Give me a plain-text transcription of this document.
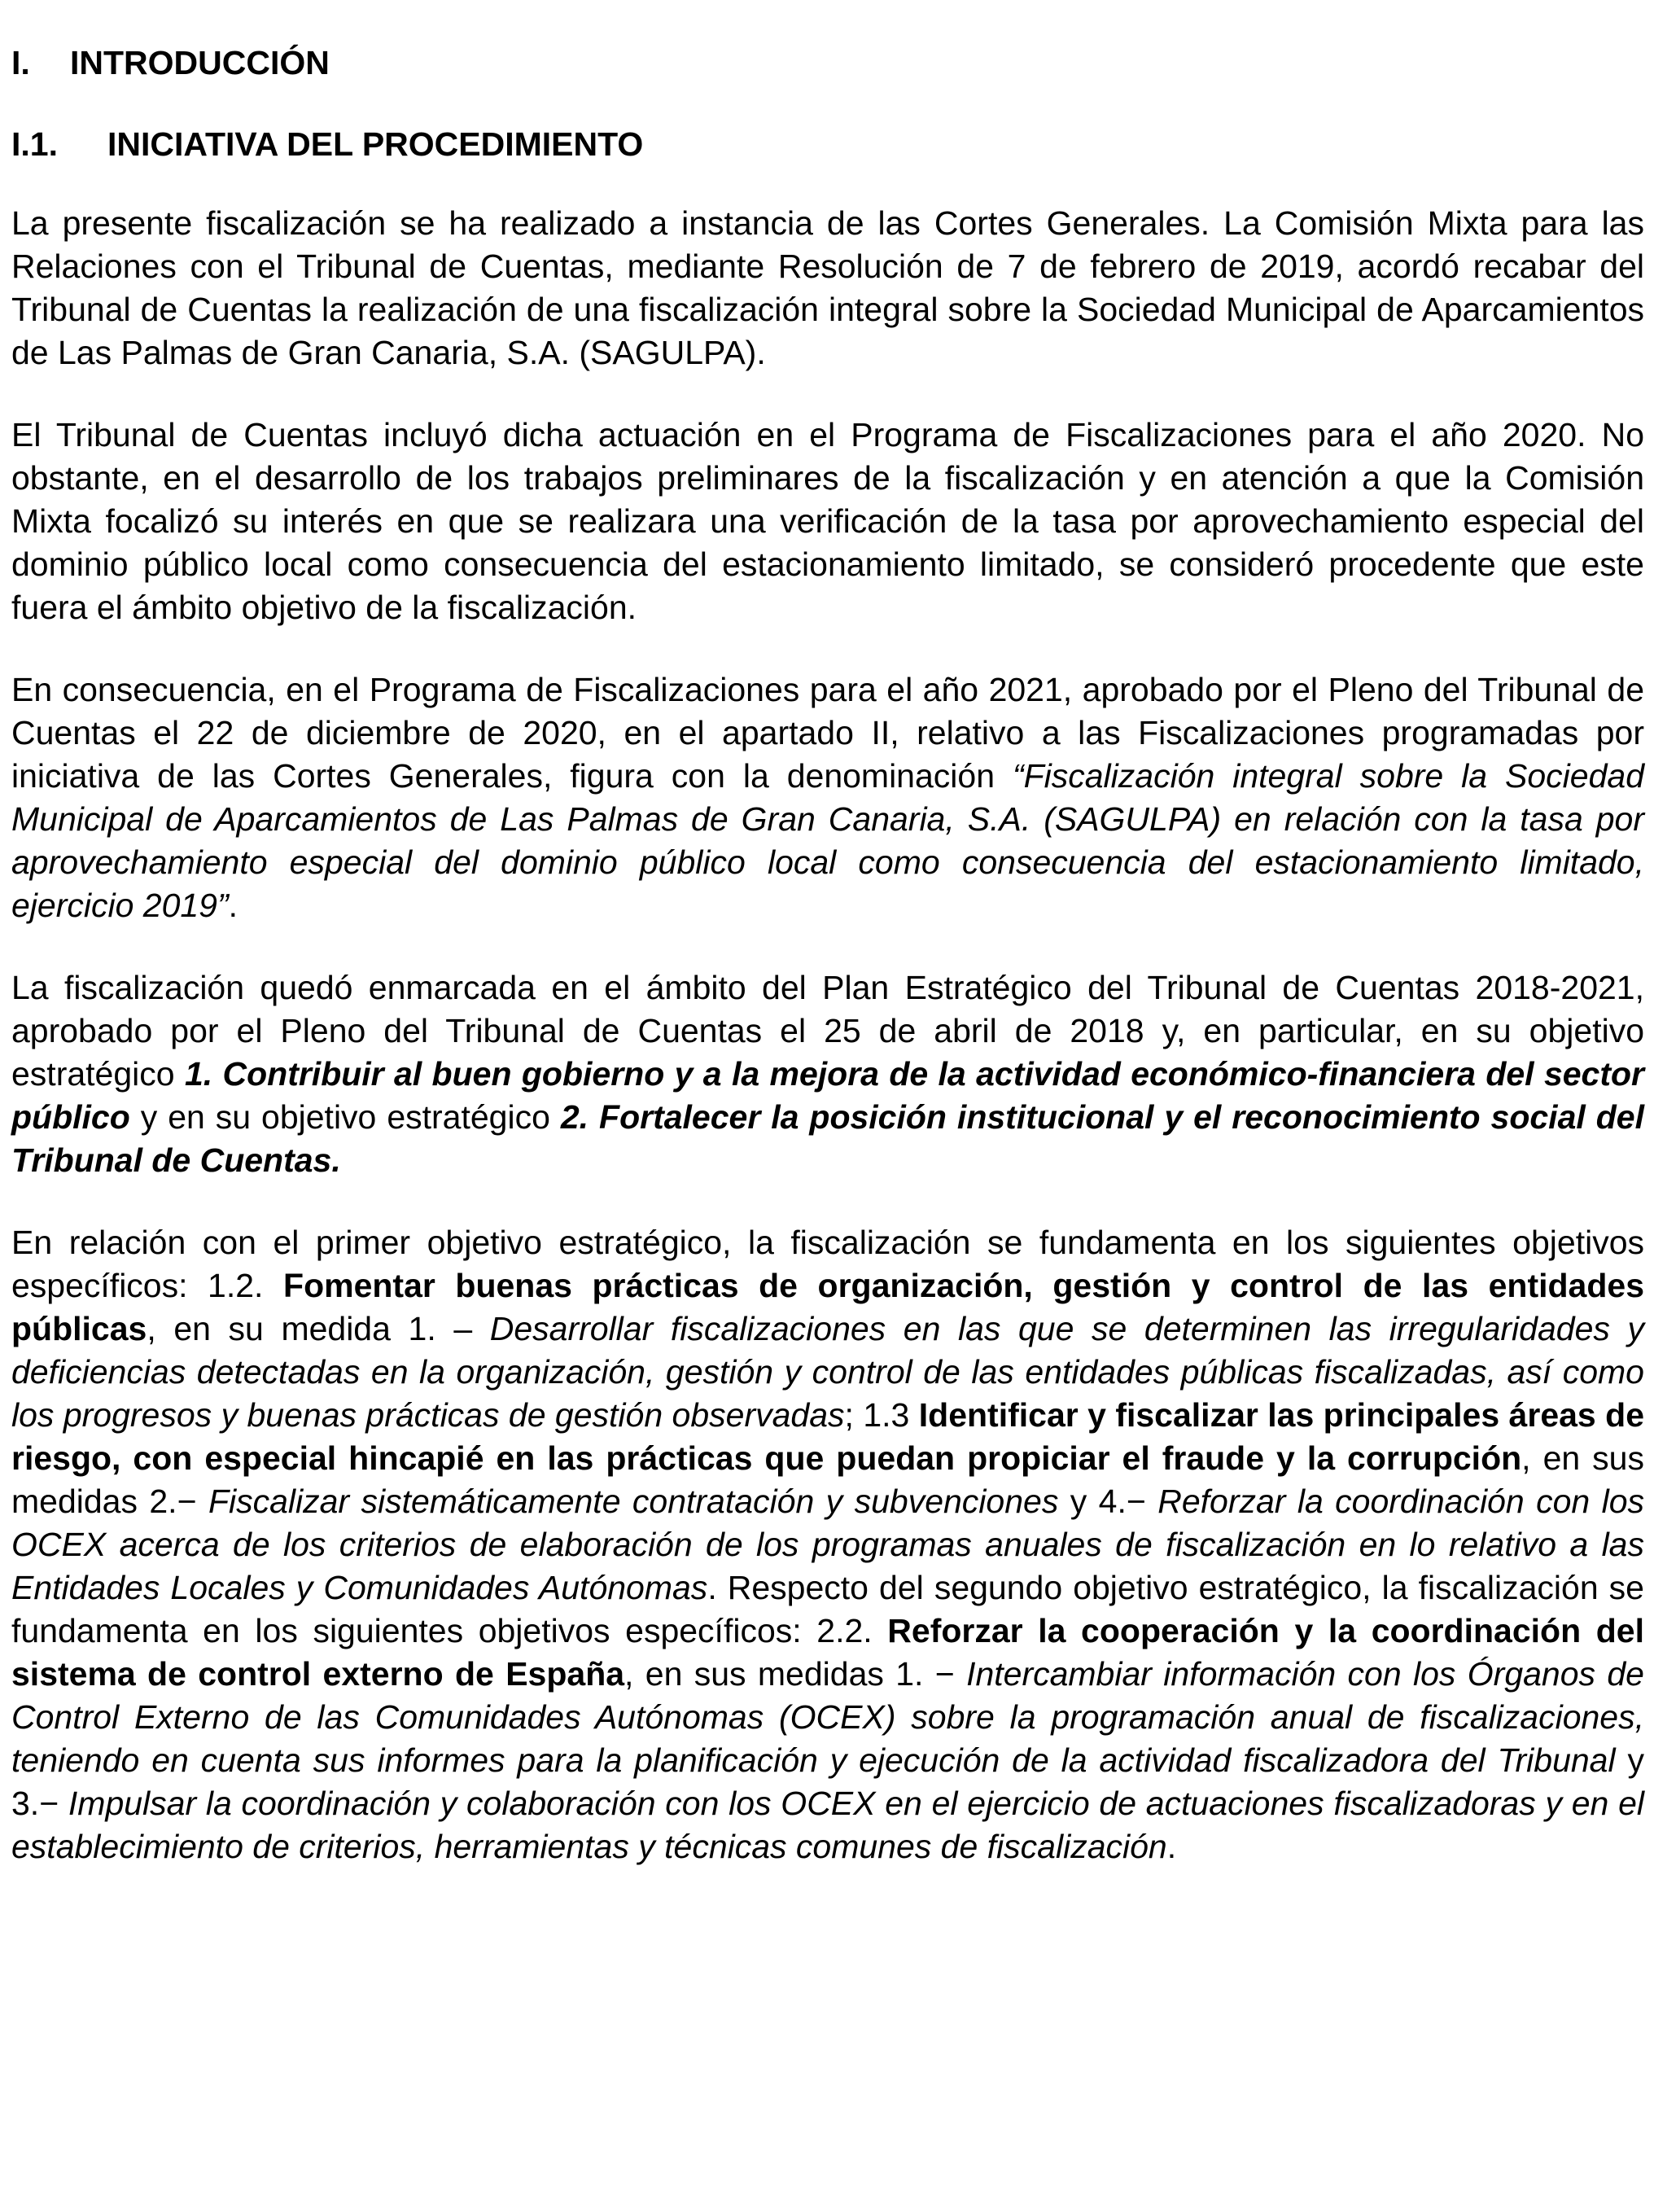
I.	INTRODUCCIÓN
I.1.	INICIATIVA DEL PROCEDIMIENTO

La presente fiscalización se ha realizado a instancia de las Cortes Generales. La Comisión Mixta para las Relaciones con el Tribunal de Cuentas, mediante Resolución de 7 de febrero de 2019, acordó recabar del Tribunal de Cuentas la realización de una fiscalización integral sobre la Sociedad Municipal de Aparcamientos de Las Palmas de Gran Canaria, S.A. (SAGULPA).

El Tribunal de Cuentas incluyó dicha actuación en el Programa de Fiscalizaciones para el año 2020. No obstante, en el desarrollo de los trabajos preliminares de la fiscalización y en atención a que la Comisión Mixta focalizó su interés en que se realizara una verificación de la tasa por aprovechamiento especial del dominio público local como consecuencia del estacionamiento limitado, se consideró procedente que este fuera el ámbito objetivo de la fiscalización.

En consecuencia, en el Programa de Fiscalizaciones para el año 2021, aprobado por el Pleno del Tribunal de Cuentas el 22 de diciembre de 2020, en el apartado II, relativo a las Fiscalizaciones programadas por iniciativa de las Cortes Generales, figura con la denominación “Fiscalización integral sobre la Sociedad Municipal de Aparcamientos de Las Palmas de Gran Canaria, S.A. (SAGULPA) en relación con la tasa por aprovechamiento especial del dominio público local como consecuencia del estacionamiento limitado, ejercicio 2019”.

La fiscalización quedó enmarcada en el ámbito del Plan Estratégico del Tribunal de Cuentas 2018-2021, aprobado por el Pleno del Tribunal de Cuentas el 25 de abril de 2018 y, en particular, en su objetivo estratégico 1. Contribuir al buen gobierno y a la mejora de la actividad económico-financiera del sector público y en su objetivo estratégico 2. Fortalecer la posición institucional y el reconocimiento social del Tribunal de Cuentas.

En relación con el primer objetivo estratégico, la fiscalización se fundamenta en los siguientes objetivos específicos: 1.2. Fomentar buenas prácticas de organización, gestión y control de las entidades públicas, en su medida 1. – Desarrollar fiscalizaciones en las que se determinen las irregularidades y deficiencias detectadas en la organización, gestión y control de las entidades públicas fiscalizadas, así como los progresos y buenas prácticas de gestión observadas; 1.3 Identificar y fiscalizar las principales áreas de riesgo, con especial hincapié en las prácticas que puedan propiciar el fraude y la corrupción, en sus medidas 2.− Fiscalizar sistemáticamente contratación y subvenciones y 4.− Reforzar la coordinación con los OCEX acerca de los criterios de elaboración de los programas anuales de fiscalización en lo relativo a las Entidades Locales y Comunidades Autónomas. Respecto del segundo objetivo estratégico, la fiscalización se fundamenta en los siguientes objetivos específicos: 2.2. Reforzar la cooperación y la coordinación del sistema de control externo de España, en sus medidas 1. − Intercambiar información con los Órganos de Control Externo de las Comunidades Autónomas (OCEX) sobre la programación anual de fiscalizaciones, teniendo en cuenta sus informes para la planificación y ejecución de la actividad fiscalizadora del Tribunal y 3.− Impulsar la coordinación y colaboración con los OCEX en el ejercicio de actuaciones fiscalizadoras y en el establecimiento de criterios, herramientas y técnicas comunes de fiscalización.
